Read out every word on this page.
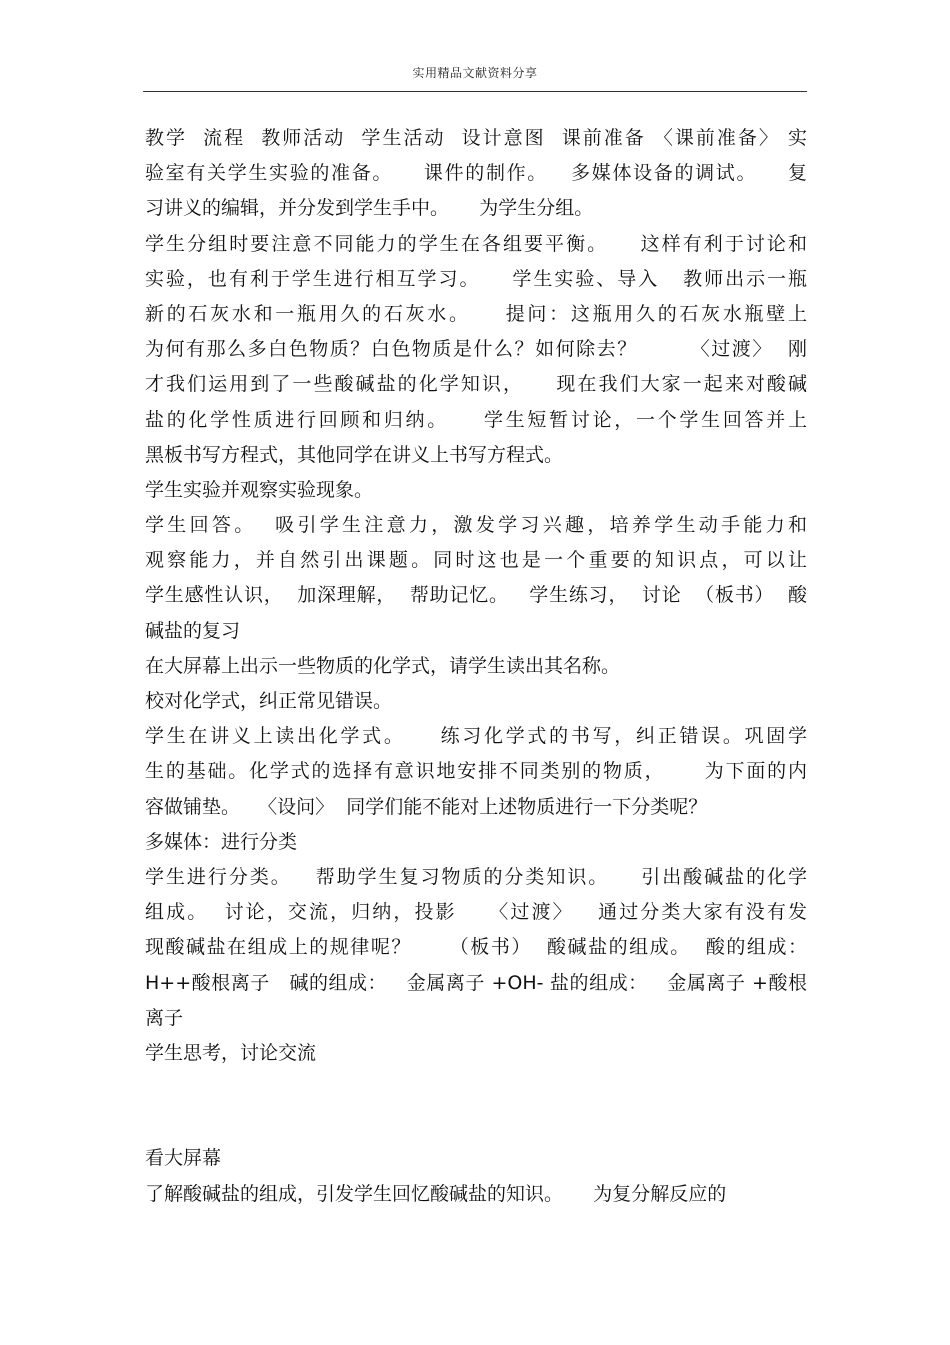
实用精品文献资料分享
教学  流程  教师活动  学生活动  设计意图  课前准备 〈课前准备〉 实
验室有关学生实验的准备。    课件的制作。   多媒体设备的调试。    复
习讲义的编辑，并分发到学生手中。     为学生分组。
学生分组时要注意不同能力的学生在各组要平衡。    这样有利于讨论和
实验，也有利于学生进行相互学习。    学生实验、导入   教师出示一瓶
新的石灰水和一瓶用久的石灰水。    提问：这瓶用久的石灰水瓶壁上
为何有那么多白色物质？白色物质是什么？如何除去？       〈过渡〉  刚
才我们运用到了一些酸碱盐的化学知识，    现在我们大家一起来对酸碱
盐的化学性质进行回顾和归纳。    学生短暂讨论，一个学生回答并上
黑板书写方程式，其他同学在讲义上书写方程式。
学生实验并观察实验现象。
学生回答。  吸引学生注意力，激发学习兴趣，培养学生动手能力和
观察能力，并自然引出课题。同时这也是一个重要的知识点，可以让
学生感性认识，  加深理解，  帮助记忆。   学生练习，  讨论  （板书）  酸
碱盐的复习
在大屏幕上出示一些物质的化学式，请学生读出其名称。
校对化学式，纠正常见错误。
学生在讲义上读出化学式。    练习化学式的书写，纠正错误。巩固学
生的基础。化学式的选择有意识地安排不同类别的物质，     为下面的内
容做铺垫。   〈设问〉  同学们能不能对上述物质进行一下分类呢？
多媒体：进行分类
学生进行分类。   帮助学生复习物质的分类知识。    引出酸碱盐的化学
组成。  讨论，交流，归纳，投影    〈过渡〉   通过分类大家有没有发
现酸碱盐在组成上的规律呢？     （板书）  酸碱盐的组成。  酸的组成：
H++酸根离子   碱的组成：   金属离子 +OH- 盐的组成：   金属离子 +酸根
离子
学生思考，讨论交流
看大屏幕
了解酸碱盐的组成，引发学生回忆酸碱盐的知识。     为复分解反应的
